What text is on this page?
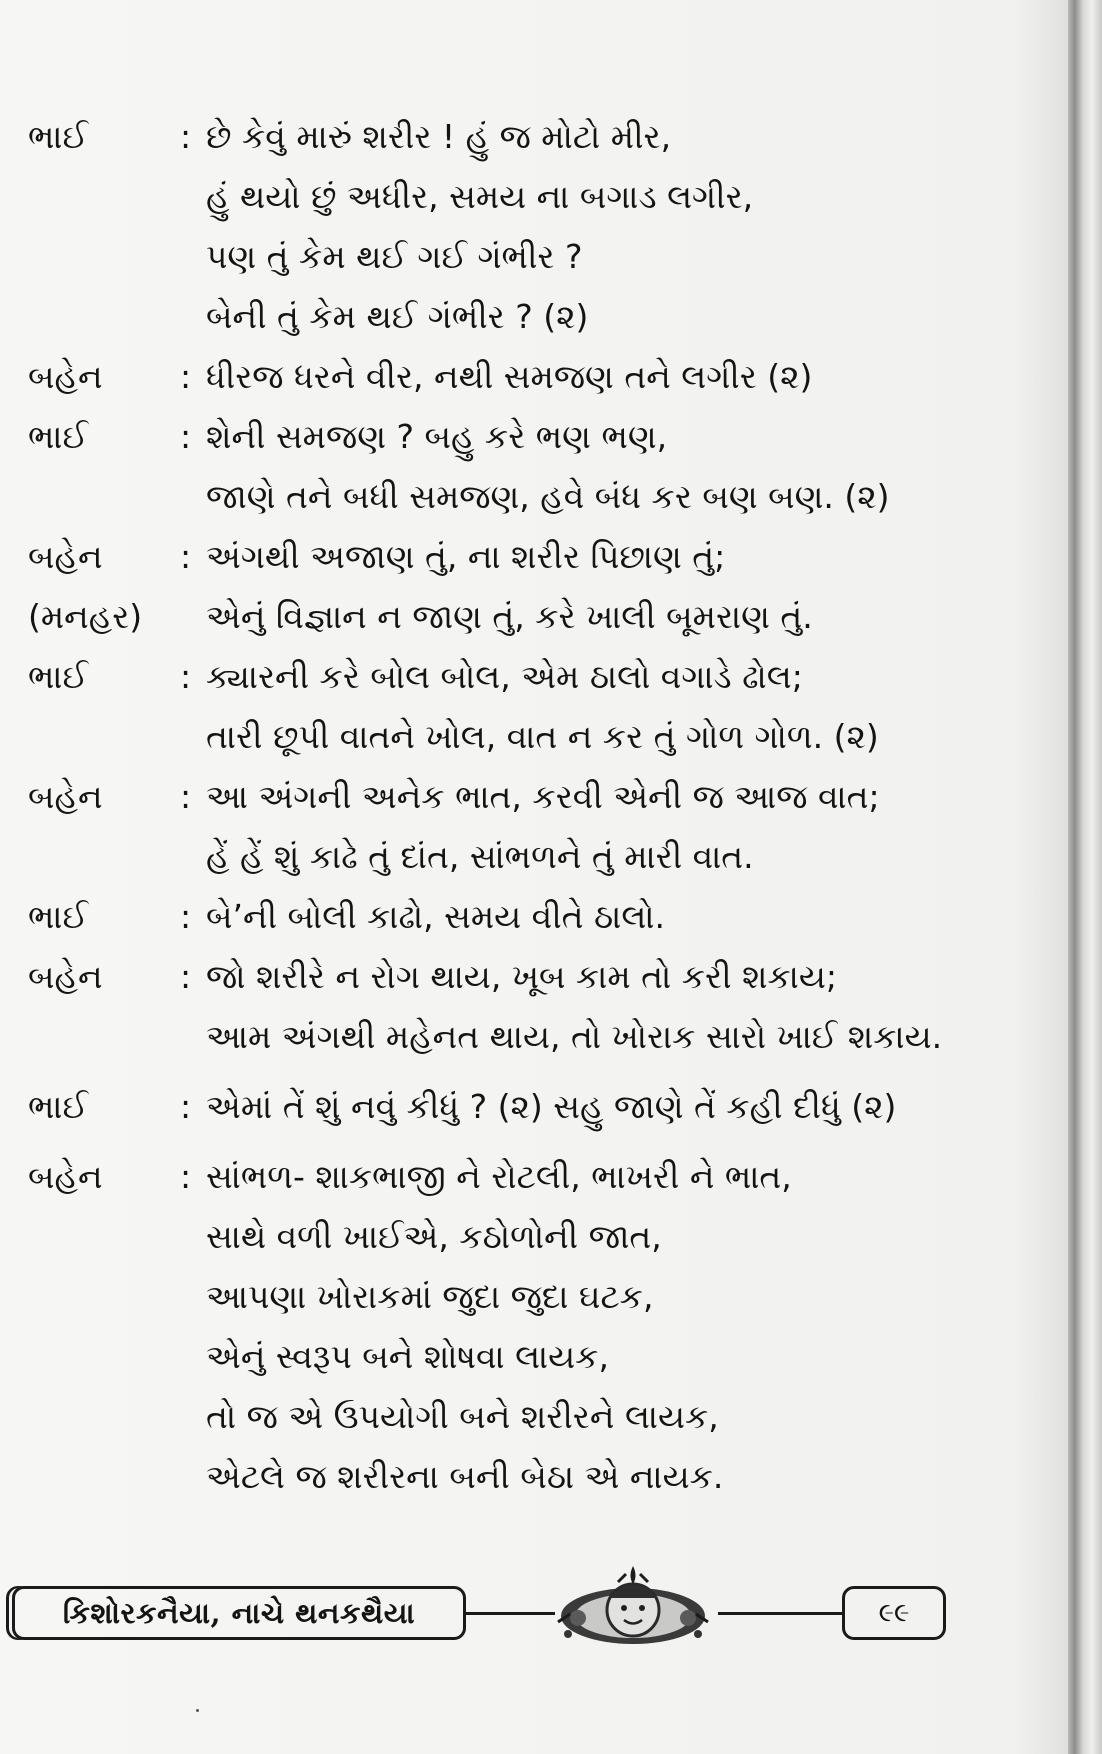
ભાઈ	: છે કેવું મારું શરીર ! હું જ મોટો મીર,
હું થયો છું અધીર, સમય ના બગાડ લગીર,
પણ તું કેમ થઈ ગઈ ગંભીર ?
બેની તું કેમ થઈ ગંભીર ? (૨)
બહેન	: ધીરજ ધરને વીર, નથી સમજણ તને લગીર (૨)
ભાઈ	: શેની સમજણ ? બહુ કરે ભણ ભણ,
જાણે તને બધી સમજણ, હવે બંધ કર બણ બણ. (૨)
બહેન	: અંગથી અજાણ તું, ના શરીર પિછાણ તું;
(મનહર)	એનું વિજ્ઞાન ન જાણ તું, કરે ખાલી બૂમરાણ તું.
ભાઈ	: ક્યારની કરે બોલ બોલ, એમ ઠાલો વગાડે ઢોલ;
તારી છૂપી વાતને ખોલ, વાત ન કર તું ગોળ ગોળ. (૨)
બહેન	: આ અંગની અનેક ભાત, કરવી એની જ આજ વાત;
હેં હેં શું કાઢે તું દાંત, સાંભળને તું મારી વાત.
ભાઈ	: બે’ની બોલી કાઢો, સમય વીતે ઠાલો.
બહેન	: જો શરીરે ન રોગ થાય, ખૂબ કામ તો કરી શકાય;
આમ અંગથી મહેનત થાય, તો ખોરાક સારો ખાઈ શકાય.
ભાઈ	: એમાં તેં શું નવું કીધું ? (૨) સહુ જાણે તેં કહી દીધું (૨)
બહેન	: સાંભળ- શાકભાજી ને રોટલી, ભાખરી ને ભાત,
સાથે વળી ખાઈએ, કઠોળોની જાત,
આપણા ખોરાકમાં જુદા જુદા ઘટક,
એનું સ્વરૂપ બને શોષવા લાયક,
તો જ એ ઉપયોગી બને શરીરને લાયક,
એટલે જ શરીરના બની બેઠા એ નાયક.
કિશોરકનૈયા, નાચે થનકથૈયા	૯૯
